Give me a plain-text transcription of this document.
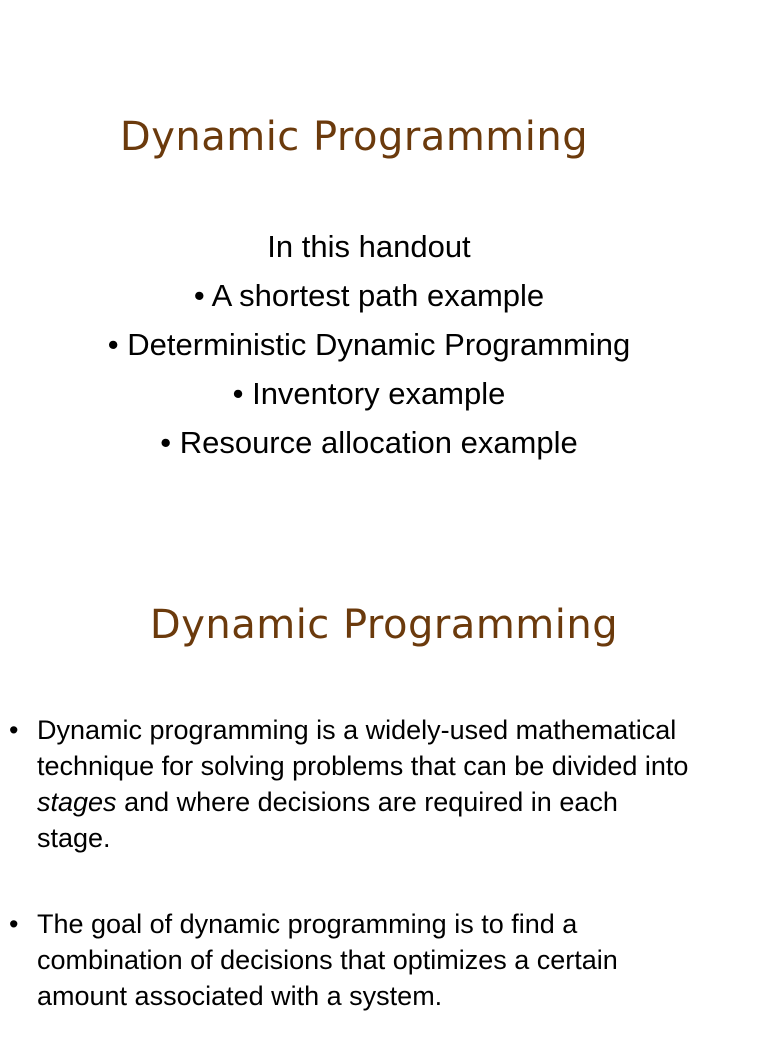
Dynamic Programming
In this handout
• A shortest path example
• Deterministic Dynamic Programming
• Inventory example
• Resource allocation example
Dynamic Programming
• Dynamic programming is a widely-used mathematical
technique for solving problems that can be divided into
stages and where decisions are required in each
stage.
• The goal of dynamic programming is to find a
combination of decisions that optimizes a certain
amount associated with a system.
